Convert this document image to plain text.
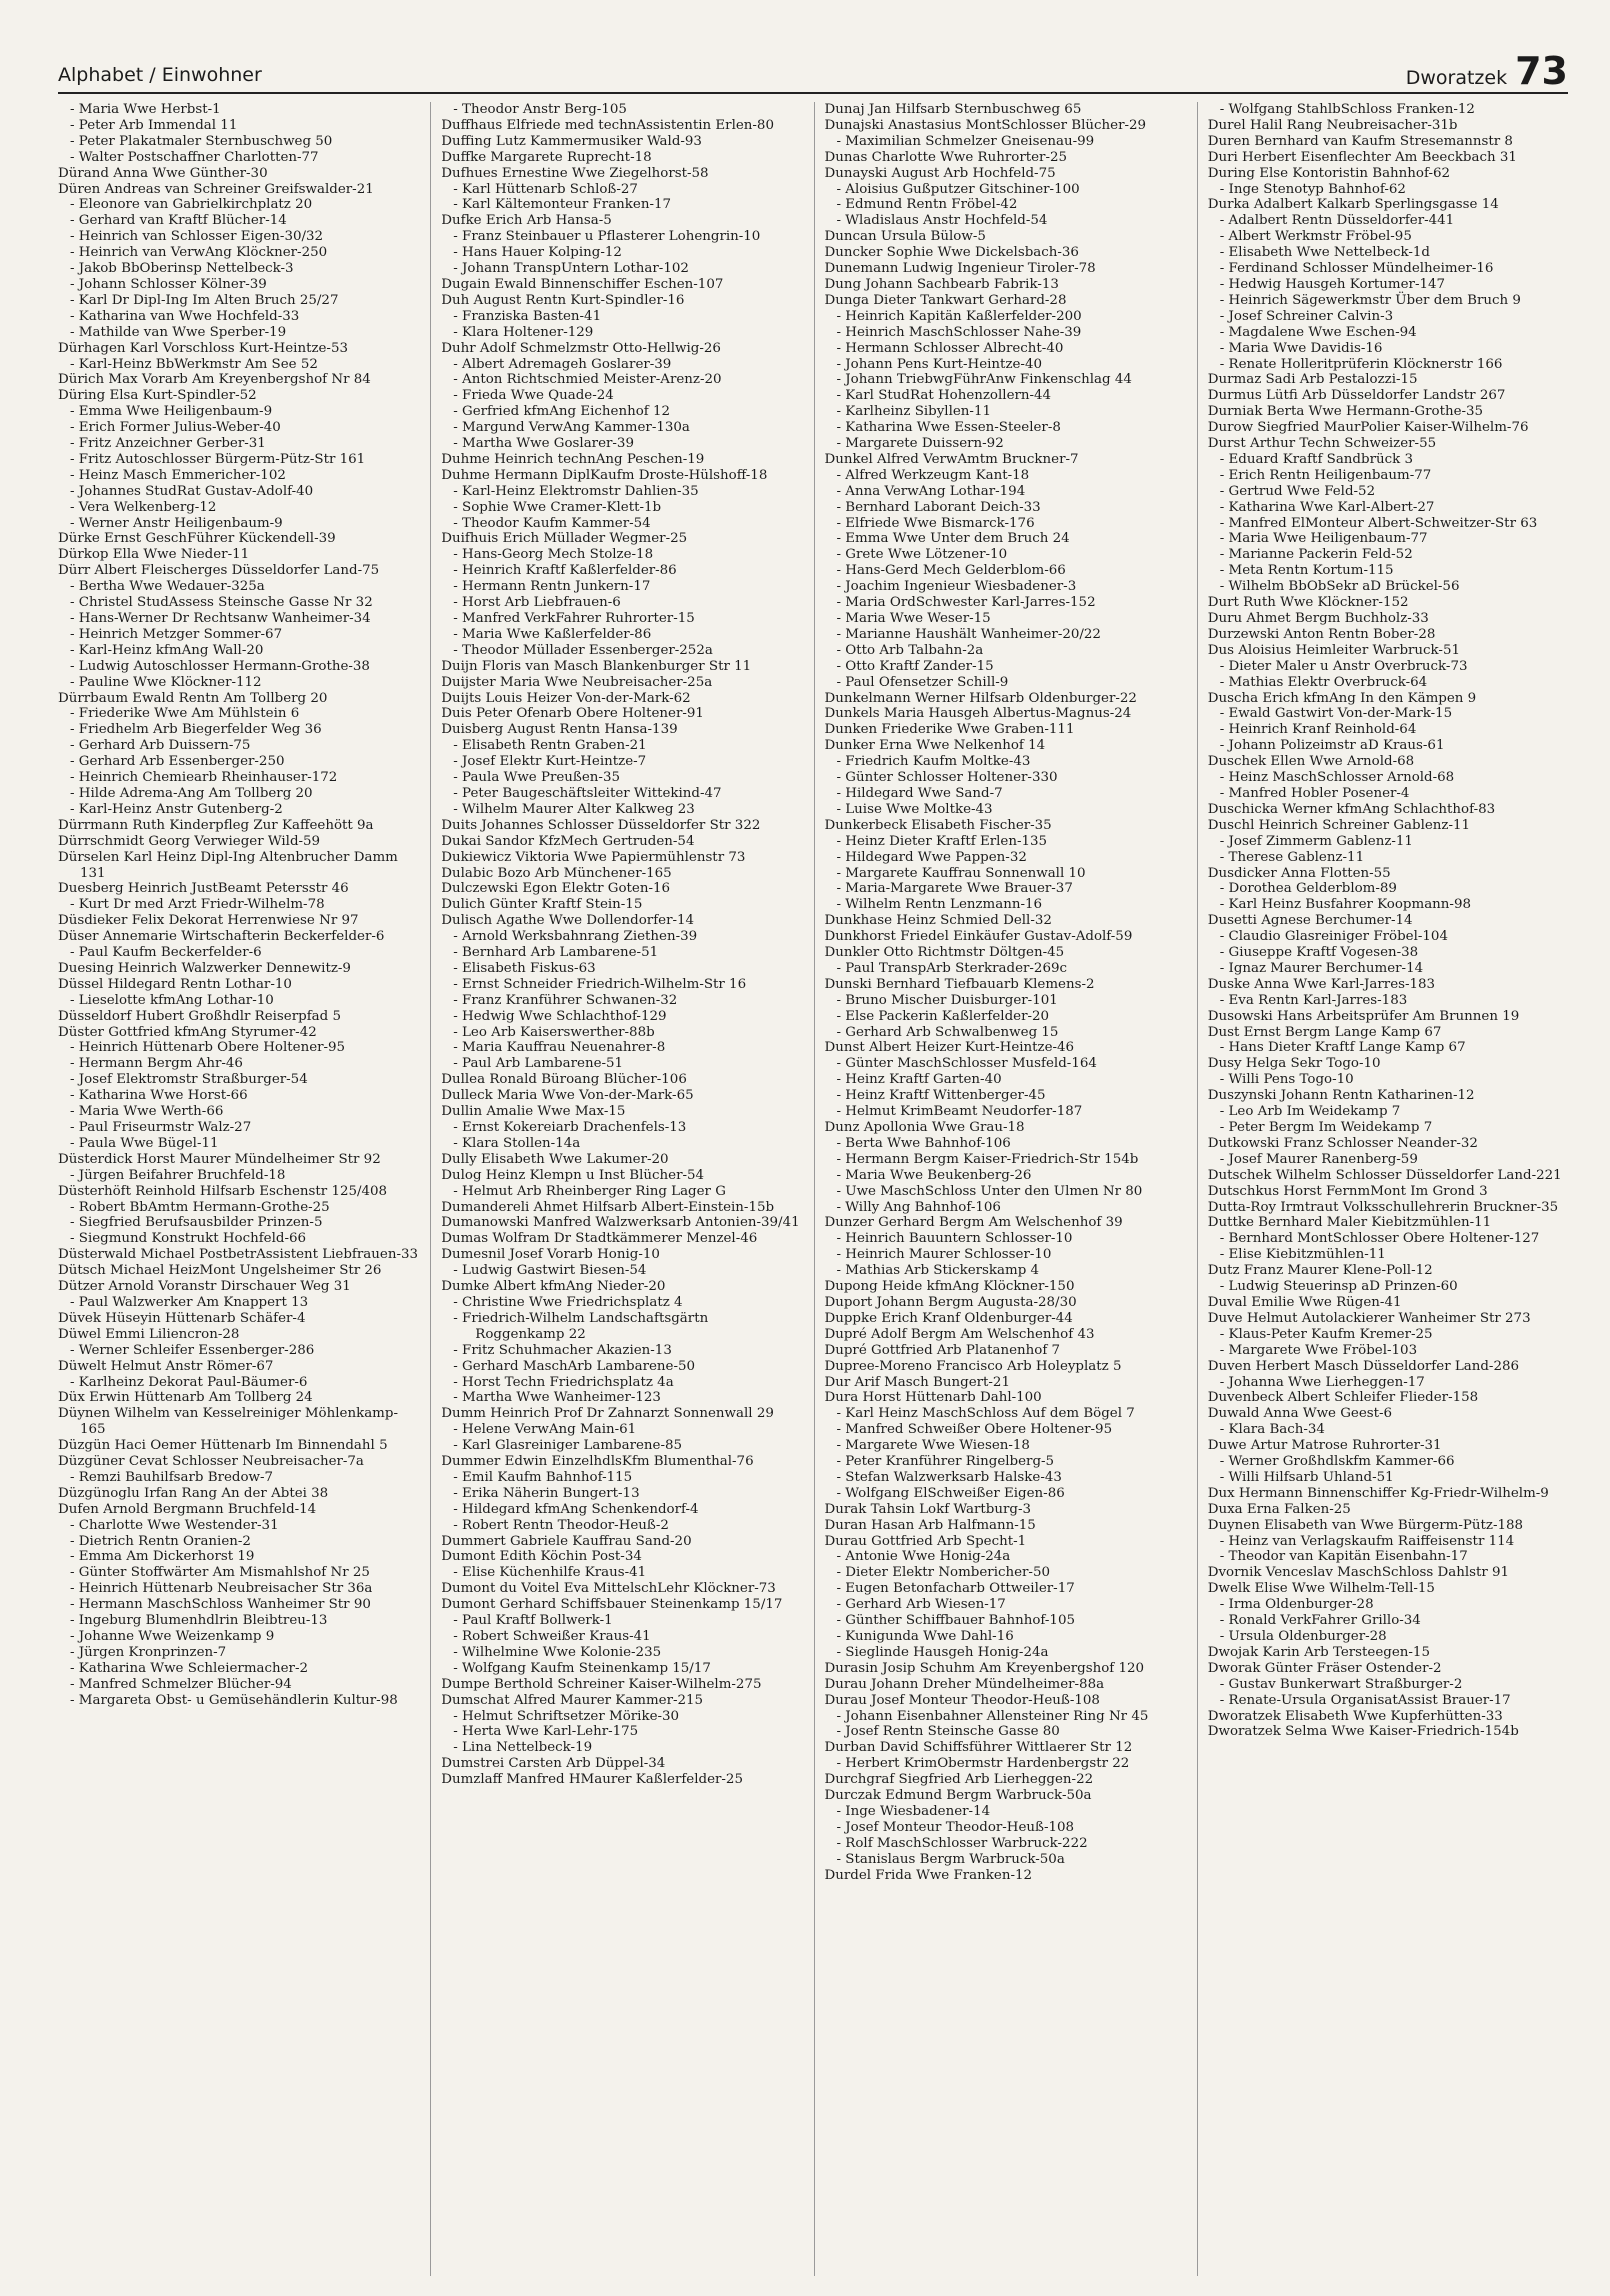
Alphabet / Einwohner	Dworatzek 73

- Maria Wwe Herbst-1

- Peter Arb Immendal 11

- Peter Plakatmaler Sternbuschweg 50

- Walter Postschaffner Charlotten-77

Dürand Anna Wwe Günther-30

Düren Andreas van Schreiner Greifswalder-21

- Eleonore van Gabrielkirchplatz 20

- Gerhard van Kraftf Blücher-14

- Heinrich van Schlosser Eigen-30/32

- Heinrich van VerwAng Klöckner-250

- Jakob BbOberinsp Nettelbeck-3

- Johann Schlosser Kölner-39

- Karl Dr Dipl-Ing Im Alten Bruch 25/27

- Katharina van Wwe Hochfeld-33

- Mathilde van Wwe Sperber-19

Dürhagen Karl Vorschloss Kurt-Heintze-53

- Karl-Heinz BbWerkmstr Am See 52

Dürich Max Vorarb Am Kreyenbergshof Nr 84

Düring Elsa Kurt-Spindler-52

- Emma Wwe Heiligenbaum-9

- Erich Former Julius-Weber-40

- Fritz Anzeichner Gerber-31

- Fritz Autoschlosser Bürgerm-Pütz-Str 161

- Heinz Masch Emmericher-102

- Johannes StudRat Gustav-Adolf-40

- Vera Welkenberg-12

- Werner Anstr Heiligenbaum-9

Dürke Ernst GeschFührer Kückendell-39

Dürkop Ella Wwe Nieder-11

Dürr Albert Fleischerges Düsseldorfer Land-75

- Bertha Wwe Wedauer-325a

- Christel StudAssess Steinsche Gasse Nr 32

- Hans-Werner Dr Rechtsanw Wanheimer-34

- Heinrich Metzger Sommer-67

- Karl-Heinz kfmAng Wall-20

- Ludwig Autoschlosser Hermann-Grothe-38

- Pauline Wwe Klöckner-112

Dürrbaum Ewald Rentn Am Tollberg 20

- Friederike Wwe Am Mühlstein 6

- Friedhelm Arb Biegerfelder Weg 36

- Gerhard Arb Duissern-75

- Gerhard Arb Essenberger-250

- Heinrich Chemiearb Rheinhauser-172

- Hilde Adrema-Ang Am Tollberg 20

- Karl-Heinz Anstr Gutenberg-2

Dürrmann Ruth Kinderpfleg Zur Kaffeehött 9a

Dürrschmidt Georg Verwieger Wild-59

Dürselen Karl Heinz Dipl-Ing Altenbrucher Damm 131

Duesberg Heinrich JustBeamt Petersstr 46

- Kurt Dr med Arzt Friedr-Wilhelm-78

Düsdieker Felix Dekorat Herrenwiese Nr 97

Düser Annemarie Wirtschafterin Beckerfelder-6

- Paul Kaufm Beckerfelder-6

Duesing Heinrich Walzwerker Dennewitz-9

Düssel Hildegard Rentn Lothar-10

- Lieselotte kfmAng Lothar-10

Düsseldorf Hubert Großhdlr Reiserpfad 5

Düster Gottfried kfmAng Styrumer-42

- Heinrich Hüttenarb Obere Holtener-95

- Hermann Bergm Ahr-46

- Josef Elektromstr Straßburger-54

- Katharina Wwe Horst-66

- Maria Wwe Werth-66

- Paul Friseurmstr Walz-27

- Paula Wwe Bügel-11

Düsterdick Horst Maurer Mündelheimer Str 92

- Jürgen Beifahrer Bruchfeld-18

Düsterhöft Reinhold Hilfsarb Eschenstr 125/408

- Robert BbAmtm Hermann-Grothe-25

- Siegfried Berufsausbilder Prinzen-5

- Siegmund Konstrukt Hochfeld-66

Düsterwald Michael PostbetrAssistent Liebfrauen-33

Dütsch Michael HeizMont Ungelsheimer Str 26

Dützer Arnold Voranstr Dirschauer Weg 31

- Paul Walzwerker Am Knappert 13

Düvek Hüseyin Hüttenarb Schäfer-4

Düwel Emmi Liliencron-28

- Werner Schleifer Essenberger-286

Düwelt Helmut Anstr Römer-67

- Karlheinz Dekorat Paul-Bäumer-6

Düx Erwin Hüttenarb Am Tollberg 24

Düynen Wilhelm van Kesselreiniger Möhlenkamp-165

Düzgün Haci Oemer Hüttenarb Im Binnendahl 5

Düzgüner Cevat Schlosser Neubreisacher-7a

- Remzi Bauhilfsarb Bredow-7

Düzgünoglu Irfan Rang An der Abtei 38

Dufen Arnold Bergmann Bruchfeld-14

- Charlotte Wwe Westender-31

- Dietrich Rentn Oranien-2

- Emma Am Dickerhorst 19

- Günter Stoffwärter Am Mismahlshof Nr 25

- Heinrich Hüttenarb Neubreisacher Str 36a

- Hermann MaschSchloss Wanheimer Str 90

- Ingeburg Blumenhdlrin Bleibtreu-13

- Johanne Wwe Weizenkamp 9

- Jürgen Kronprinzen-7

- Katharina Wwe Schleiermacher-2

- Manfred Schmelzer Blücher-94

- Margareta Obst- u Gemüsehändlerin Kultur-98

- Theodor Anstr Berg-105

Duffhaus Elfriede med technAssistentin Erlen-80

Duffing Lutz Kammermusiker Wald-93

Duffke Margarete Ruprecht-18

Dufhues Ernestine Wwe Ziegelhorst-58

- Karl Hüttenarb Schloß-27

- Karl Kältemonteur Franken-17

Dufke Erich Arb Hansa-5

- Franz Steinbauer u Pflasterer Lohengrin-10

- Hans Hauer Kolping-12

- Johann TranspUntern Lothar-102

Dugain Ewald Binnenschiffer Eschen-107

Duh August Rentn Kurt-Spindler-16

- Franziska Basten-41

- Klara Holtener-129

Duhr Adolf Schmelzmstr Otto-Hellwig-26

- Albert Adremageh Goslarer-39

- Anton Richtschmied Meister-Arenz-20

- Frieda Wwe Quade-24

- Gerfried kfmAng Eichenhof 12

- Margund VerwAng Kammer-130a

- Martha Wwe Goslarer-39

Duhme Heinrich technAng Peschen-19

Duhme Hermann DiplKaufm Droste-Hülshoff-18

- Karl-Heinz Elektromstr Dahlien-35

- Sophie Wwe Cramer-Klett-1b

- Theodor Kaufm Kammer-54

Duifhuis Erich Müllader Wegmer-25

- Hans-Georg Mech Stolze-18

- Heinrich Kraftf Kaßlerfelder-86

- Hermann Rentn Junkern-17

- Horst Arb Liebfrauen-6

- Manfred VerkFahrer Ruhrorter-15

- Maria Wwe Kaßlerfelder-86

- Theodor Müllader Essenberger-252a

Duijn Floris van Masch Blankenburger Str 11

Duijster Maria Wwe Neubreisacher-25a

Duijts Louis Heizer Von-der-Mark-62

Duis Peter Ofenarb Obere Holtener-91

Duisberg August Rentn Hansa-139

- Elisabeth Rentn Graben-21

- Josef Elektr Kurt-Heintze-7

- Paula Wwe Preußen-35

- Peter Baugeschäftsleiter Wittekind-47

- Wilhelm Maurer Alter Kalkweg 23

Duits Johannes Schlosser Düsseldorfer Str 322

Dukai Sandor KfzMech Gertruden-54

Dukiewicz Viktoria Wwe Papiermühlenstr 73

Dulabic Bozo Arb Münchener-165

Dulczewski Egon Elektr Goten-16

Dulich Günter Kraftf Stein-15

Dulisch Agathe Wwe Dollendorfer-14

- Arnold Werksbahnrang Ziethen-39

- Bernhard Arb Lambarene-51

- Elisabeth Fiskus-63

- Ernst Schneider Friedrich-Wilhelm-Str 16

- Franz Kranführer Schwanen-32

- Hedwig Wwe Schlachthof-129

- Leo Arb Kaiserswerther-88b

- Maria Kauffrau Neuenahrer-8

- Paul Arb Lambarene-51

Dullea Ronald Büroang Blücher-106

Dulleck Maria Wwe Von-der-Mark-65

Dullin Amalie Wwe Max-15

- Ernst Kokereiarb Drachenfels-13

- Klara Stollen-14a

Dully Elisabeth Wwe Lakumer-20

Dulog Heinz Klempn u Inst Blücher-54

- Helmut Arb Rheinberger Ring Lager G

Dumandereli Ahmet Hilfsarb Albert-Einstein-15b

Dumanowski Manfred Walzwerksarb Antonien-39/41

Dumas Wolfram Dr Stadtkämmerer Menzel-46

Dumesnil Josef Vorarb Honig-10

- Ludwig Gastwirt Biesen-54

Dumke Albert kfmAng Nieder-20

- Christine Wwe Friedrichsplatz 4

- Friedrich-Wilhelm Landschaftsgärtn Roggenkamp 22

- Fritz Schuhmacher Akazien-13

- Gerhard MaschArb Lambarene-50

- Horst Techn Friedrichsplatz 4a

- Martha Wwe Wanheimer-123

Dumm Heinrich Prof Dr Zahnarzt Sonnenwall 29

- Helene VerwAng Main-61

- Karl Glasreiniger Lambarene-85

Dummer Edwin EinzelhdlsKfm Blumenthal-76

- Emil Kaufm Bahnhof-115

- Erika Näherin Bungert-13

- Hildegard kfmAng Schenkendorf-4

- Robert Rentn Theodor-Heuß-2

Dummert Gabriele Kauffrau Sand-20

Dumont Edith Köchin Post-34

- Elise Küchenhilfe Kraus-41

Dumont du Voitel Eva MittelschLehr Klöckner-73

Dumont Gerhard Schiffsbauer Steinenkamp 15/17

- Paul Kraftf Bollwerk-1

- Robert Schweißer Kraus-41

- Wilhelmine Wwe Kolonie-235

- Wolfgang Kaufm Steinenkamp 15/17

Dumpe Berthold Schreiner Kaiser-Wilhelm-275

Dumschat Alfred Maurer Kammer-215

- Helmut Schriftsetzer Mörike-30

- Herta Wwe Karl-Lehr-175

- Lina Nettelbeck-19

Dumstrei Carsten Arb Düppel-34

Dumzlaff Manfred HMaurer Kaßlerfelder-25

Dunaj Jan Hilfsarb Sternbuschweg 65

Dunajski Anastasius MontSchlosser Blücher-29

- Maximilian Schmelzer Gneisenau-99

Dunas Charlotte Wwe Ruhrorter-25

Dunayski August Arb Hochfeld-75

- Aloisius Gußputzer Gitschiner-100

- Edmund Rentn Fröbel-42

- Wladislaus Anstr Hochfeld-54

Duncan Ursula Bülow-5

Duncker Sophie Wwe Dickelsbach-36

Dunemann Ludwig Ingenieur Tiroler-78

Dung Johann Sachbearb Fabrik-13

Dunga Dieter Tankwart Gerhard-28

- Heinrich Kapitän Kaßlerfelder-200

- Heinrich MaschSchlosser Nahe-39

- Hermann Schlosser Albrecht-40

- Johann Pens Kurt-Heintze-40

- Johann TriebwgFührAnw Finkenschlag 44

- Karl StudRat Hohenzollern-44

- Karlheinz Sibyllen-11

- Katharina Wwe Essen-Steeler-8

- Margarete Duissern-92

Dunkel Alfred VerwAmtm Bruckner-7

- Alfred Werkzeugm Kant-18

- Anna VerwAng Lothar-194

- Bernhard Laborant Deich-33

- Elfriede Wwe Bismarck-176

- Emma Wwe Unter dem Bruch 24

- Grete Wwe Lötzener-10

- Hans-Gerd Mech Gelderblom-66

- Joachim Ingenieur Wiesbadener-3

- Maria OrdSchwester Karl-Jarres-152

- Maria Wwe Weser-15

- Marianne Haushält Wanheimer-20/22

- Otto Arb Talbahn-2a

- Otto Kraftf Zander-15

- Paul Ofensetzer Schill-9

Dunkelmann Werner Hilfsarb Oldenburger-22

Dunkels Maria Hausgeh Albertus-Magnus-24

Dunken Friederike Wwe Graben-111

Dunker Erna Wwe Nelkenhof 14

- Friedrich Kaufm Moltke-43

- Günter Schlosser Holtener-330

- Hildegard Wwe Sand-7

- Luise Wwe Moltke-43

Dunkerbeck Elisabeth Fischer-35

- Heinz Dieter Kraftf Erlen-135

- Hildegard Wwe Pappen-32

- Margarete Kauffrau Sonnenwall 10

- Maria-Margarete Wwe Brauer-37

- Wilhelm Rentn Lenzmann-16

Dunkhase Heinz Schmied Dell-32

Dunkhorst Friedel Einkäufer Gustav-Adolf-59

Dunkler Otto Richtmstr Döltgen-45

- Paul TranspArb Sterkrader-269c

Dunski Bernhard Tiefbauarb Klemens-2

- Bruno Mischer Duisburger-101

- Else Packerin Kaßlerfelder-20

- Gerhard Arb Schwalbenweg 15

Dunst Albert Heizer Kurt-Heintze-46

- Günter MaschSchlosser Musfeld-164

- Heinz Kraftf Garten-40

- Heinz Kraftf Wittenberger-45

- Helmut KrimBeamt Neudorfer-187

Dunz Apollonia Wwe Grau-18

- Berta Wwe Bahnhof-106

- Hermann Bergm Kaiser-Friedrich-Str 154b

- Maria Wwe Beukenberg-26

- Uwe MaschSchloss Unter den Ulmen Nr 80

- Willy Ang Bahnhof-106

Dunzer Gerhard Bergm Am Welschenhof 39

- Heinrich Bauuntern Schlosser-10

- Heinrich Maurer Schlosser-10

- Mathias Arb Stickerskamp 4

Dupong Heide kfmAng Klöckner-150

Duport Johann Bergm Augusta-28/30

Duppke Erich Kranf Oldenburger-44

Dupré Adolf Bergm Am Welschenhof 43

Dupré Gottfried Arb Platanenhof 7

Dupree-Moreno Francisco Arb Holeyplatz 5

Dur Arif Masch Bungert-21

Dura Horst Hüttenarb Dahl-100

- Karl Heinz MaschSchloss Auf dem Bögel 7

- Manfred Schweißer Obere Holtener-95

- Margarete Wwe Wiesen-18

- Peter Kranführer Ringelberg-5

- Stefan Walzwerksarb Halske-43

- Wolfgang ElSchweißer Eigen-86

Durak Tahsin Lokf Wartburg-3

Duran Hasan Arb Halfmann-15

Durau Gottfried Arb Specht-1

- Antonie Wwe Honig-24a

- Dieter Elektr Nombericher-50

- Eugen Betonfacharb Ottweiler-17

- Gerhard Arb Wiesen-17

- Günther Schiffbauer Bahnhof-105

- Kunigunda Wwe Dahl-16

- Sieglinde Hausgeh Honig-24a

Durasin Josip Schuhm Am Kreyenbergshof 120

Durau Johann Dreher Mündelheimer-88a

Durau Josef Monteur Theodor-Heuß-108

- Johann Eisenbahner Allensteiner Ring Nr 45

- Josef Rentn Steinsche Gasse 80

Durban David Schiffsführer Wittlaerer Str 12

- Herbert KrimObermstr Hardenbergstr 22

Durchgraf Siegfried Arb Lierheggen-22

Durczak Edmund Bergm Warbruck-50a

- Inge Wiesbadener-14

- Josef Monteur Theodor-Heuß-108

- Rolf MaschSchlosser Warbruck-222

- Stanislaus Bergm Warbruck-50a

Durdel Frida Wwe Franken-12

- Wolfgang StahlbSchloss Franken-12

Durel Halil Rang Neubreisacher-31b

Duren Bernhard van Kaufm Stresemannstr 8

Duri Herbert Eisenflechter Am Beeckbach 31

During Else Kontoristin Bahnhof-62

- Inge Stenotyp Bahnhof-62

Durka Adalbert Kalkarb Sperlingsgasse 14

- Adalbert Rentn Düsseldorfer-441

- Albert Werkmstr Fröbel-95

- Elisabeth Wwe Nettelbeck-1d

- Ferdinand Schlosser Mündelheimer-16

- Hedwig Hausgeh Kortumer-147

- Heinrich Sägewerkmstr Über dem Bruch 9

- Josef Schreiner Calvin-3

- Magdalene Wwe Eschen-94

- Maria Wwe Davidis-16

- Renate Holleritprüferin Klöcknerstr 166

Durmaz Sadi Arb Pestalozzi-15

Durmus Lütfi Arb Düsseldorfer Landstr 267

Durniak Berta Wwe Hermann-Grothe-35

Durow Siegfried MaurPolier Kaiser-Wilhelm-76

Durst Arthur Techn Schweizer-55

- Eduard Kraftf Sandbrück 3

- Erich Rentn Heiligenbaum-77

- Gertrud Wwe Feld-52

- Katharina Wwe Karl-Albert-27

- Manfred ElMonteur Albert-Schweitzer-Str 63

- Maria Wwe Heiligenbaum-77

- Marianne Packerin Feld-52

- Meta Rentn Kortum-115

- Wilhelm BbObSekr aD Brückel-56

Durt Ruth Wwe Klöckner-152

Duru Ahmet Bergm Buchholz-33

Durzewski Anton Rentn Bober-28

Dus Aloisius Heimleiter Warbruck-51

- Dieter Maler u Anstr Overbruck-73

- Mathias Elektr Overbruck-64

Duscha Erich kfmAng In den Kämpen 9

- Ewald Gastwirt Von-der-Mark-15

- Heinrich Kranf Reinhold-64

- Johann Polizeimstr aD Kraus-61

Duschek Ellen Wwe Arnold-68

- Heinz MaschSchlosser Arnold-68

- Manfred Hobler Posener-4

Duschicka Werner kfmAng Schlachthof-83

Duschl Heinrich Schreiner Gablenz-11

- Josef Zimmerm Gablenz-11

- Therese Gablenz-11

Dusdicker Anna Flotten-55

- Dorothea Gelderblom-89

- Karl Heinz Busfahrer Koopmann-98

Dusetti Agnese Berchumer-14

- Claudio Glasreiniger Fröbel-104

- Giuseppe Kraftf Vogesen-38

- Ignaz Maurer Berchumer-14

Duske Anna Wwe Karl-Jarres-183

- Eva Rentn Karl-Jarres-183

Dusowski Hans Arbeitsprüfer Am Brunnen 19

Dust Ernst Bergm Lange Kamp 67

- Hans Dieter Kraftf Lange Kamp 67

Dusy Helga Sekr Togo-10

- Willi Pens Togo-10

Duszynski Johann Rentn Katharinen-12

- Leo Arb Im Weidekamp 7

- Peter Bergm Im Weidekamp 7

Dutkowski Franz Schlosser Neander-32

- Josef Maurer Ranenberg-59

Dutschek Wilhelm Schlosser Düsseldorfer Land-221

Dutschkus Horst FernmMont Im Grond 3

Dutta-Roy Irmtraut Volksschullehrerin Bruckner-35

Duttke Bernhard Maler Kiebitzmühlen-11

- Bernhard MontSchlosser Obere Holtener-127

- Elise Kiebitzmühlen-11

Dutz Franz Maurer Klene-Poll-12

- Ludwig Steuerinsp aD Prinzen-60

Duval Emilie Wwe Rügen-41

Duve Helmut Autolackierer Wanheimer Str 273

- Klaus-Peter Kaufm Kremer-25

- Margarete Wwe Fröbel-103

Duven Herbert Masch Düsseldorfer Land-286

- Johanna Wwe Lierheggen-17

Duvenbeck Albert Schleifer Flieder-158

Duwald Anna Wwe Geest-6

- Klara Bach-34

Duwe Artur Matrose Ruhrorter-31

- Werner Großhdlskfm Kammer-66

- Willi Hilfsarb Uhland-51

Dux Hermann Binnenschiffer Kg-Friedr-Wilhelm-9

Duxa Erna Falken-25

Duynen Elisabeth van Wwe Bürgerm-Pütz-188

- Heinz van Verlagskaufm Raiffeisenstr 114

- Theodor van Kapitän Eisenbahn-17

Dvornik Venceslav MaschSchloss Dahlstr 91

Dwelk Elise Wwe Wilhelm-Tell-15

- Irma Oldenburger-28

- Ronald VerkFahrer Grillo-34

- Ursula Oldenburger-28

Dwojak Karin Arb Tersteegen-15

Dworak Günter Fräser Ostender-2

- Gustav Bunkerwart Straßburger-2

- Renate-Ursula OrganisatAssist Brauer-17

Dworatzek Elisabeth Wwe Kupferhütten-33

Dworatzek Selma Wwe Kaiser-Friedrich-154b
